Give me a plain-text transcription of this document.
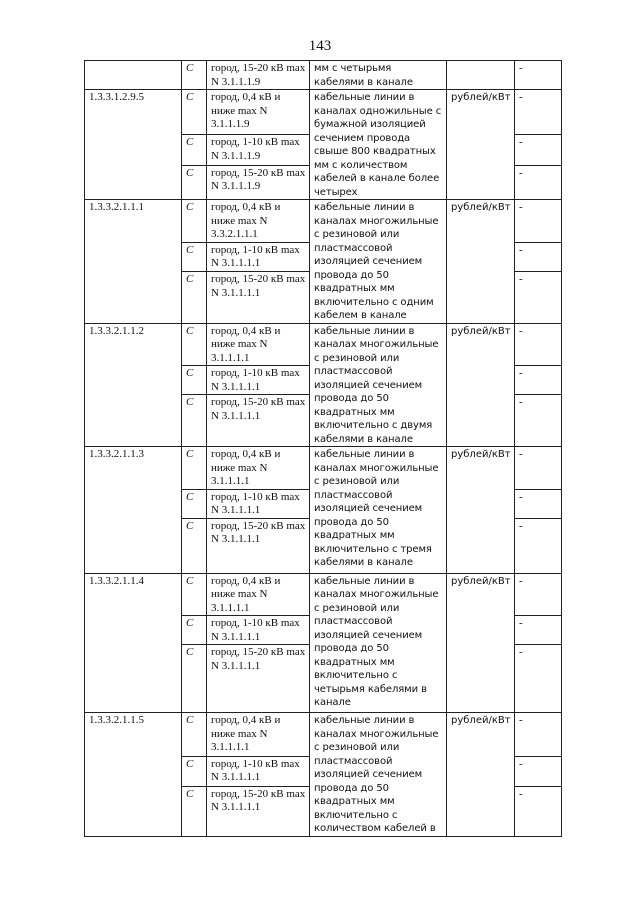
143
	С	город, 15-20 кВ max N 3.1.1.1.9	мм с четырьмя кабелями в канале		-
1.3.3.1.2.9.5	С	город, 0,4 кВ и ниже max N 3.1.1.1.9	кабельные линии в каналах одножильные с бумажной изоляцией сечением провода свыше 800 квадратных мм с количеством кабелей в канале более четырех	рублей/кВт	-
	С	город, 1-10 кВ max N 3.1.1.1.9			-
	С	город, 15-20 кВ max N 3.1.1.1.9			-
1.3.3.2.1.1.1	С	город, 0,4 кВ и ниже max N 3.3.2.1.1.1	кабельные линии в каналах многожильные с резиновой или пластмассовой изоляцией сечением провода до 50 квадратных мм включительно с одним кабелем в канале	рублей/кВт	-
	С	город, 1-10 кВ max N 3.1.1.1.1			-
	С	город, 15-20 кВ max N 3.1.1.1.1			-
1.3.3.2.1.1.2	С	город, 0,4 кВ и ниже max N 3.1.1.1.1	кабельные линии в каналах многожильные с резиновой или пластмассовой изоляцией сечением провода до 50 квадратных мм включительно с двумя кабелями в канале	рублей/кВт	-
	С	город, 1-10 кВ max N 3.1.1.1.1			-
	С	город, 15-20 кВ max N 3.1.1.1.1			-
1.3.3.2.1.1.3	С	город, 0,4 кВ и ниже max N 3.1.1.1.1	кабельные линии в каналах многожильные с резиновой или пластмассовой изоляцией сечением провода до 50 квадратных мм включительно с тремя кабелями в канале	рублей/кВт	-
	С	город, 1-10 кВ max N 3.1.1.1.1			-
	С	город, 15-20 кВ max N 3.1.1.1.1			-
1.3.3.2.1.1.4	С	город, 0,4 кВ и ниже max N 3.1.1.1.1	кабельные линии в каналах многожильные с резиновой или пластмассовой изоляцией сечением провода до 50 квадратных мм включительно с четырьмя кабелями в канале	рублей/кВт	-
	С	город, 1-10 кВ max N 3.1.1.1.1			-
	С	город, 15-20 кВ max N 3.1.1.1.1			-
1.3.3.2.1.1.5	С	город, 0,4 кВ и ниже max N 3.1.1.1.1	кабельные линии в каналах многожильные с резиновой или пластмассовой изоляцией сечением провода до 50 квадратных мм включительно с количеством кабелей в	рублей/кВт	-
	С	город, 1-10 кВ max N 3.1.1.1.1			-
	С	город, 15-20 кВ max N 3.1.1.1.1			-
